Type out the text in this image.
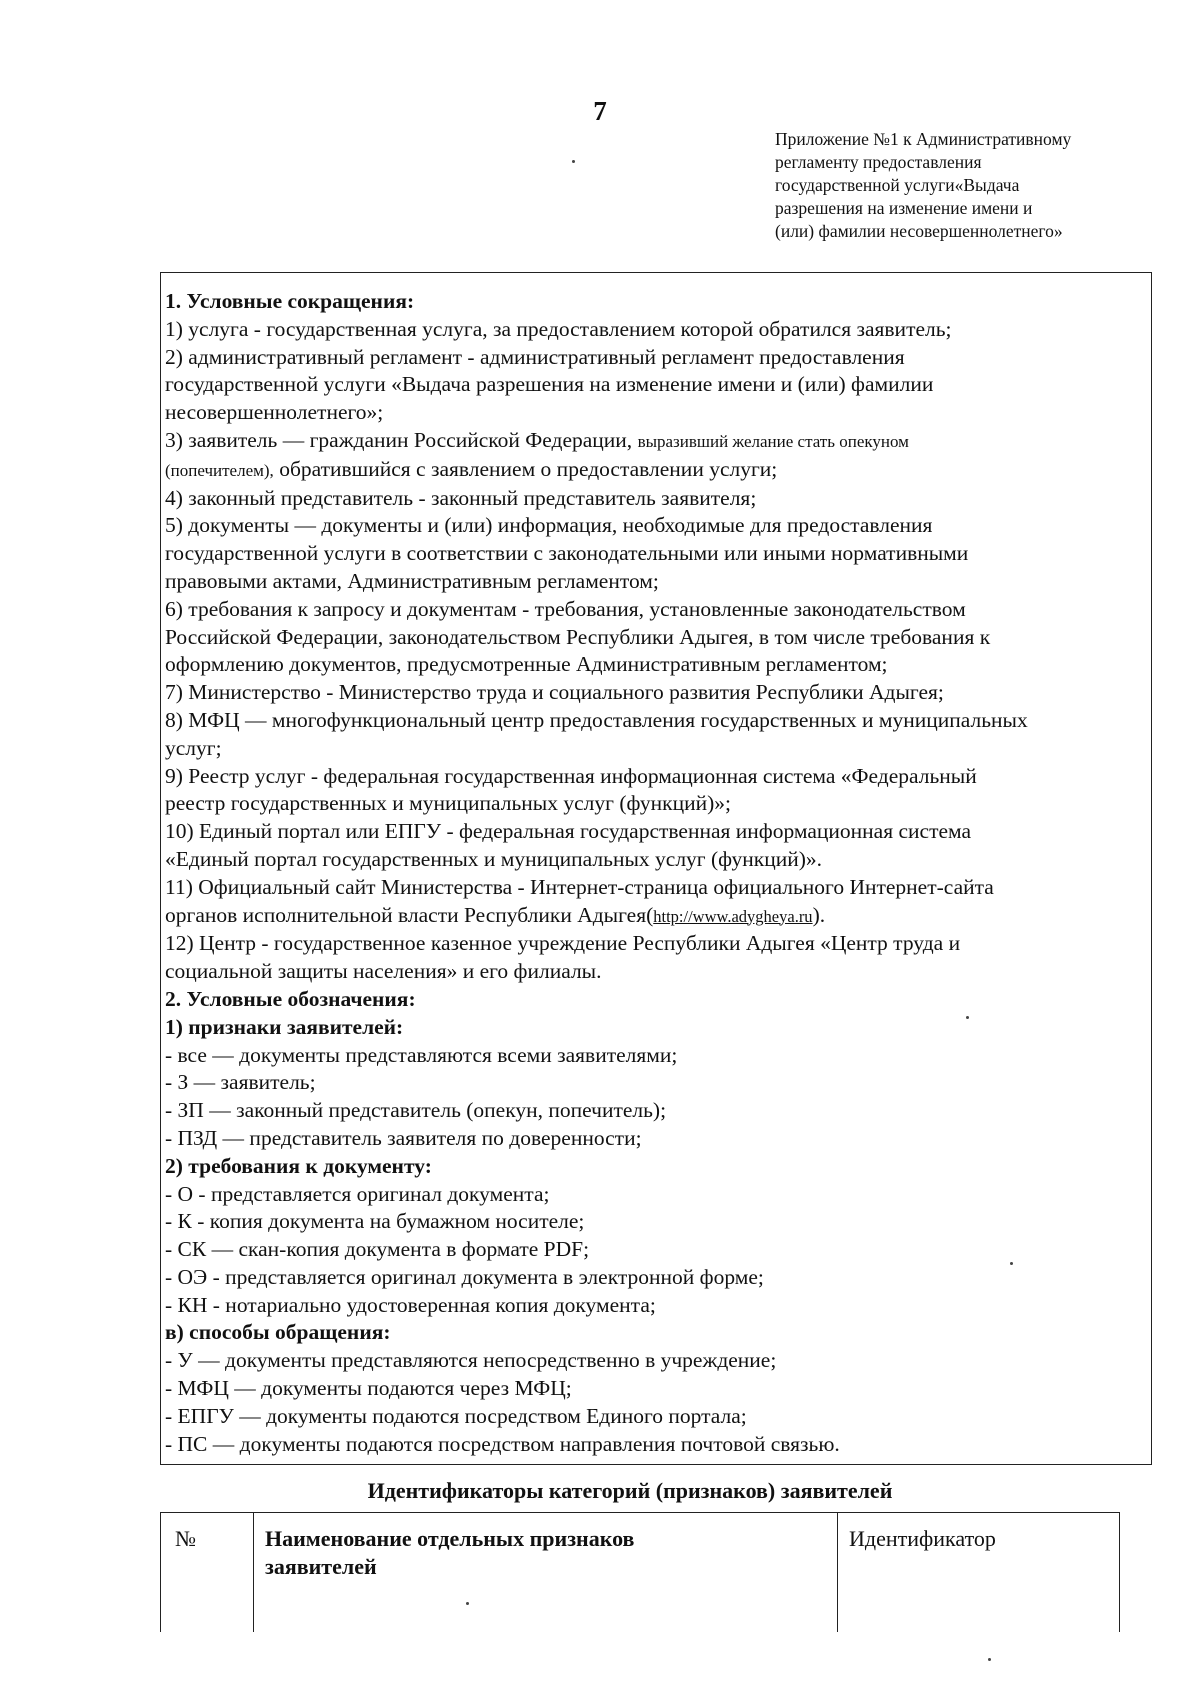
7
Приложение №1 к Административному
регламенту предоставления
государственной услуги«Выдача
разрешения на изменение имени и
(или) фамилии несовершеннолетнего»
1. Условные сокращения:
1) услуга - государственная услуга, за предоставлением которой обратился заявитель;
2) административный регламент - административный регламент предоставления
государственной услуги «Выдача разрешения на изменение имени и (или) фамилии
несовершеннолетнего»;
3) заявитель — гражданин Российской Федерации, выразивший желание стать опекуном
(попечителем), обратившийся с заявлением о предоставлении услуги;
4) законный представитель - законный представитель заявителя;
5) документы — документы и (или) информация, необходимые для предоставления
государственной услуги в соответствии с законодательными или иными нормативными
правовыми актами, Административным регламентом;
6) требования к запросу и документам - требования, установленные законодательством
Российской Федерации, законодательством Республики Адыгея, в том числе требования к
оформлению документов, предусмотренные Административным регламентом;
7) Министерство - Министерство труда и социального развития Республики Адыгея;
8) МФЦ — многофункциональный центр предоставления государственных и муниципальных
услуг;
9) Реестр услуг - федеральная государственная информационная система «Федеральный
реестр государственных и муниципальных услуг (функций)»;
10) Единый портал или ЕПГУ - федеральная государственная информационная система
«Единый портал государственных и муниципальных услуг (функций)».
11) Официальный сайт Министерства - Интернет-страница официального Интернет-сайта
органов исполнительной власти Республики Адыгея(http://www.adygheya.ru).
12) Центр - государственное казенное учреждение Республики Адыгея «Центр труда и
социальной защиты населения» и его филиалы.
2. Условные обозначения:
1) признаки заявителей:
- все — документы представляются всеми заявителями;
- З — заявитель;
- ЗП — законный представитель (опекун, попечитель);
- ПЗД — представитель заявителя по доверенности;
2) требования к документу:
- О - представляется оригинал документа;
- К - копия документа на бумажном носителе;
- СК — скан-копия документа в формате PDF;
- ОЭ - представляется оригинал документа в электронной форме;
- КН - нотариально удостоверенная копия документа;
в) способы обращения:
- У — документы представляются непосредственно в учреждение;
- МФЦ — документы подаются через МФЦ;
- ЕПГУ — документы подаются посредством Единого портала;
- ПС — документы подаются посредством направления почтовой связью.
Идентификаторы категорий (признаков) заявителей
№	Наименование отдельных признаков
заявителей
Идентификатор
